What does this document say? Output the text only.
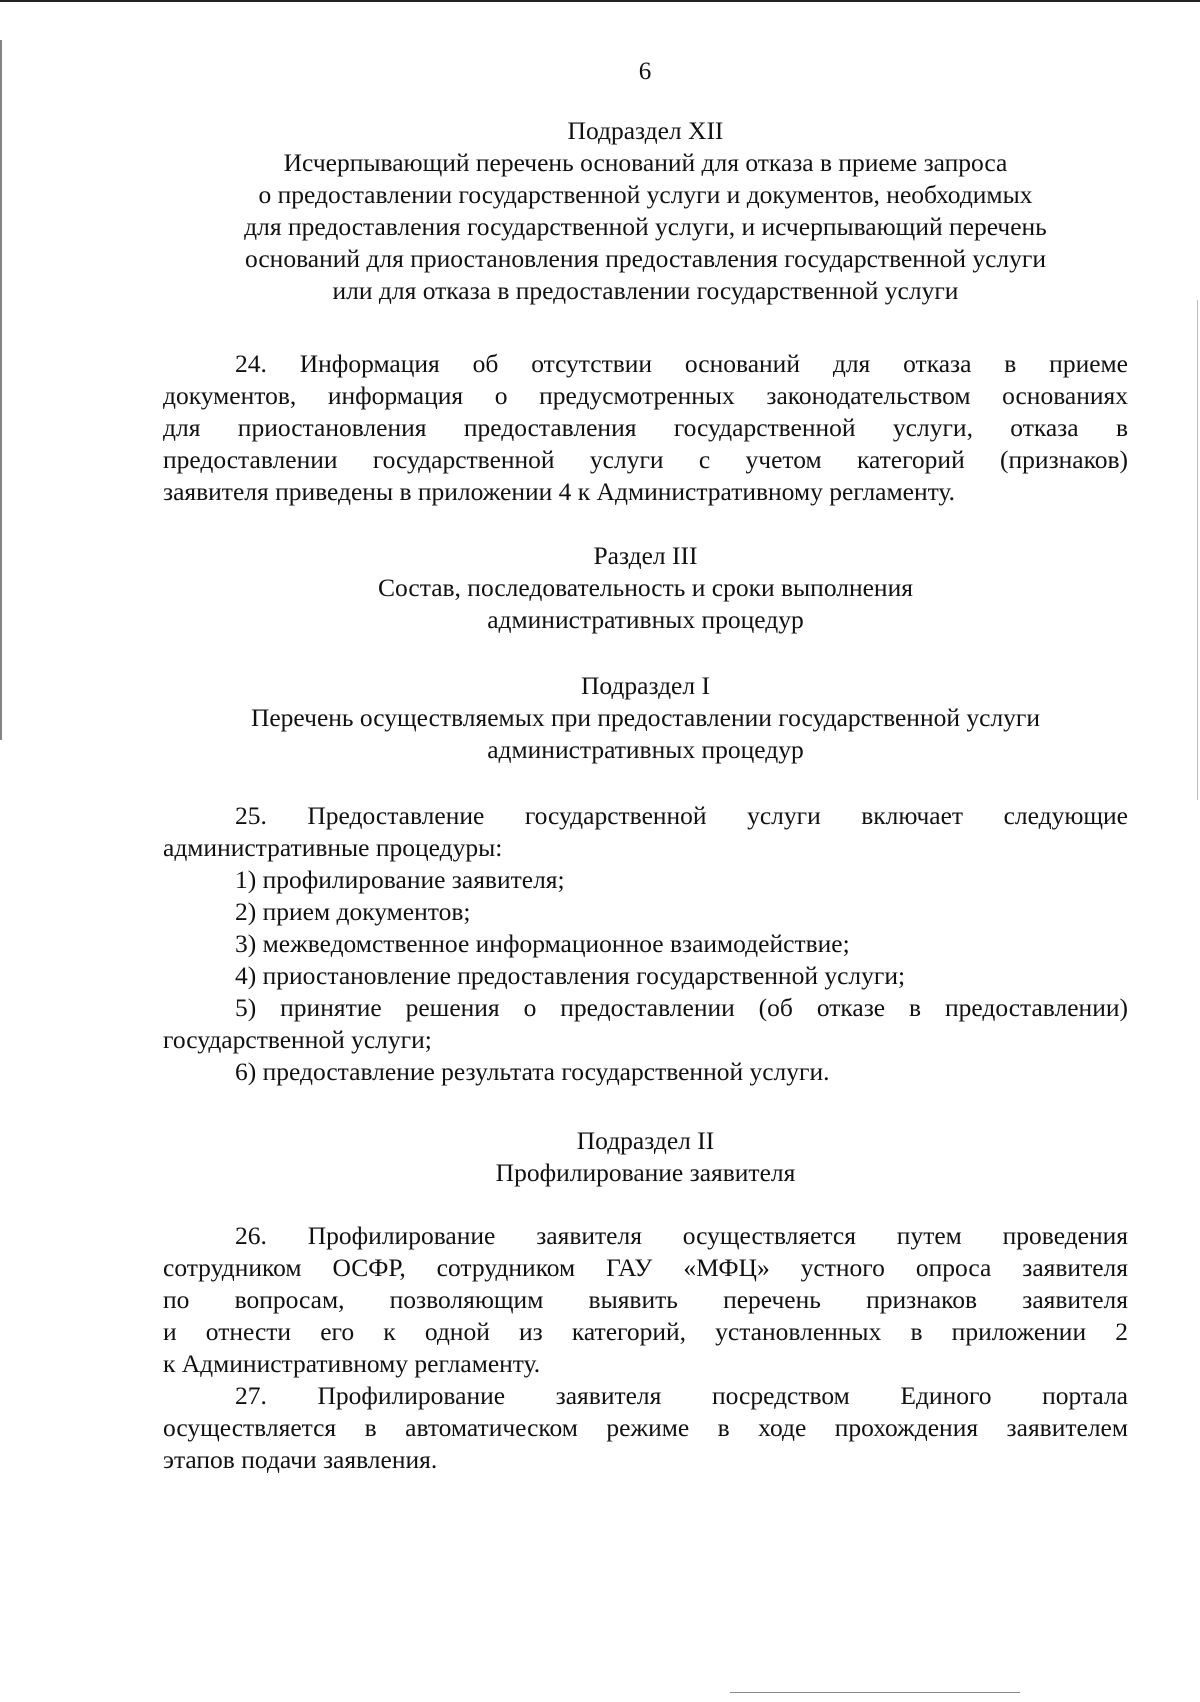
6
Подраздел XII
Исчерпывающий перечень оснований для отказа в приеме запроса
о предоставлении государственной услуги и документов, необходимых
для предоставления государственной услуги, и исчерпывающий перечень
оснований для приостановления предоставления государственной услуги
или для отказа в предоставлении государственной услуги
24. Информация об отсутствии оснований для отказа в приеме
документов, информация о предусмотренных законодательством основаниях
для приостановления предоставления государственной услуги, отказа в
предоставлении государственной услуги с учетом категорий (признаков)
заявителя приведены в приложении 4 к Административному регламенту.
Раздел III
Состав, последовательность и сроки выполнения
административных процедур
Подраздел I
Перечень осуществляемых при предоставлении государственной услуги
административных процедур
25. Предоставление государственной услуги включает следующие
административные процедуры:
1) профилирование заявителя;
2) прием документов;
3) межведомственное информационное взаимодействие;
4) приостановление предоставления государственной услуги;
5) принятие решения о предоставлении (об отказе в предоставлении)
государственной услуги;
6) предоставление результата государственной услуги.
Подраздел II
Профилирование заявителя
26. Профилирование заявителя осуществляется путем проведения
сотрудником ОСФР, сотрудником ГАУ «МФЦ» устного опроса заявителя
по вопросам, позволяющим выявить перечень признаков заявителя
и отнести его к одной из категорий, установленных в приложении 2
к Административному регламенту.
27. Профилирование заявителя посредством Единого портала
осуществляется в автоматическом режиме в ходе прохождения заявителем
этапов подачи заявления.
